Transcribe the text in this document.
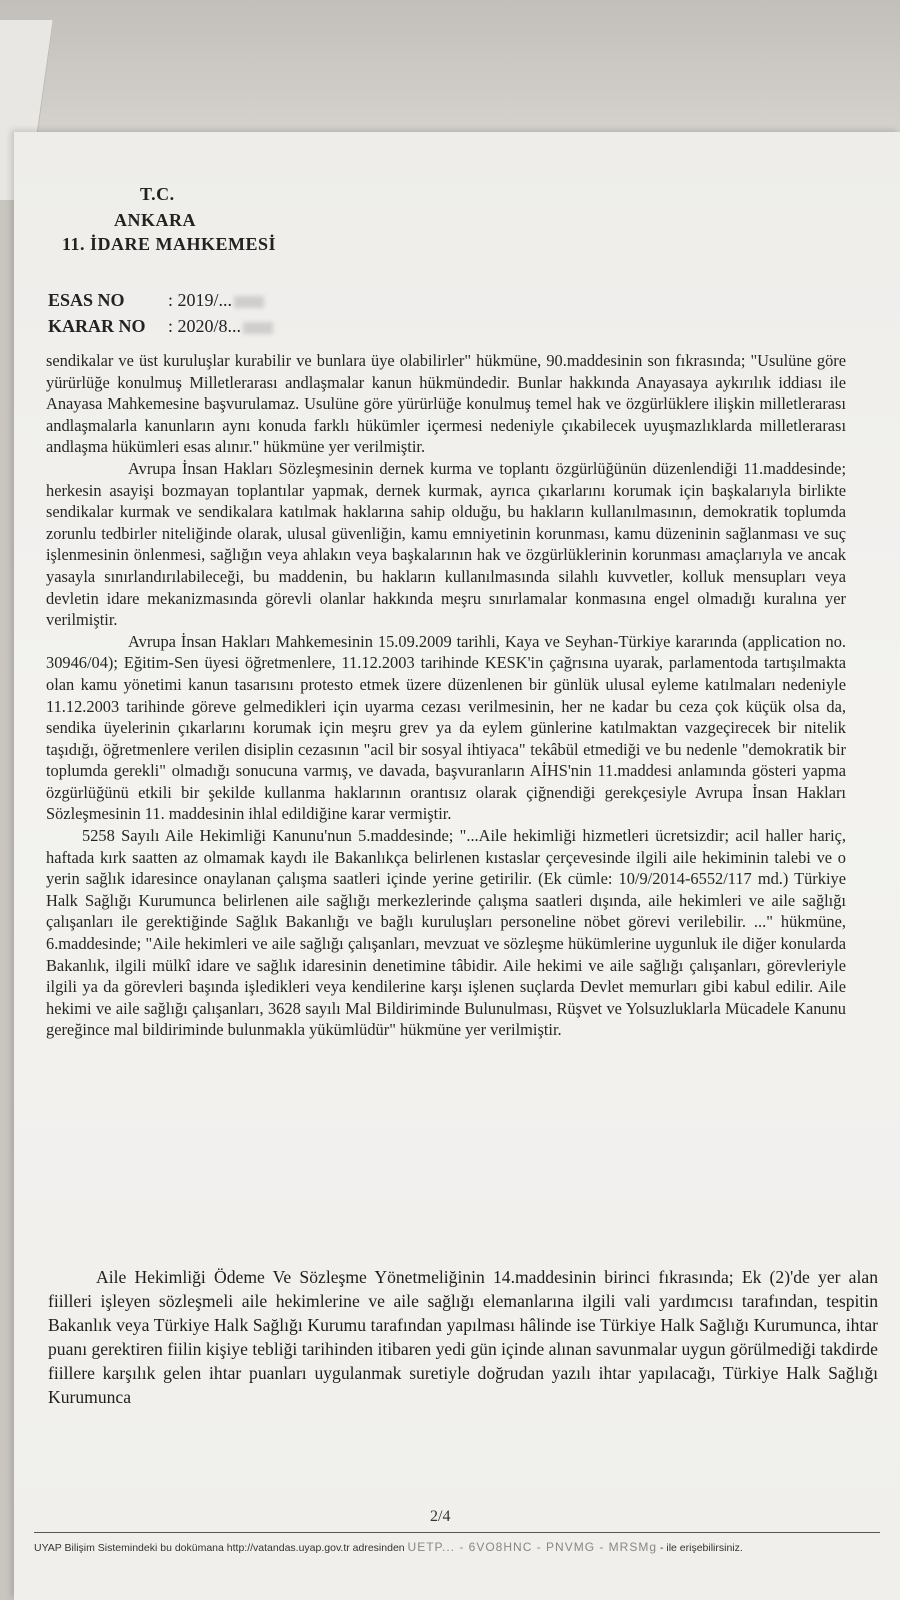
T.C.
ANKARA
11. İDARE MAHKEMESİ
ESAS NO : 2019/...
KARAR NO : 2020/8...

sendikalar ve üst kuruluşlar kurabilir ve bunlara üye olabilirler" hükmüne, 90.maddesinin son fıkrasında; "Usulüne göre yürürlüğe konulmuş Milletlerarası andlaşmalar kanun hükmündedir. Bunlar hakkında Anayasaya aykırılık iddiası ile Anayasa Mahkemesine başvurulamaz. Usulüne göre yürürlüğe konulmuş temel hak ve özgürlüklere ilişkin milletlerarası andlaşmalarla kanunların aynı konuda farklı hükümler içermesi nedeniyle çıkabilecek uyuşmazlıklarda milletlerarası andlaşma hükümleri esas alınır." hükmüne yer verilmiştir.

Avrupa İnsan Hakları Sözleşmesinin dernek kurma ve toplantı özgürlüğünün düzenlendiği 11.maddesinde; herkesin asayişi bozmayan toplantılar yapmak, dernek kurmak, ayrıca çıkarlarını korumak için başkalarıyla birlikte sendikalar kurmak ve sendikalara katılmak haklarına sahip olduğu, bu hakların kullanılmasının, demokratik toplumda zorunlu tedbirler niteliğinde olarak, ulusal güvenliğin, kamu emniyetinin korunması, kamu düzeninin sağlanması ve suç işlenmesinin önlenmesi, sağlığın veya ahlakın veya başkalarının hak ve özgürlüklerinin korunması amaçlarıyla ve ancak yasayla sınırlandırılabileceği, bu maddenin, bu hakların kullanılmasında silahlı kuvvetler, kolluk mensupları veya devletin idare mekanizmasında görevli olanlar hakkında meşru sınırlamalar konmasına engel olmadığı kuralına yer verilmiştir.

Avrupa İnsan Hakları Mahkemesinin 15.09.2009 tarihli, Kaya ve Seyhan-Türkiye kararında (application no. 30946/04); Eğitim-Sen üyesi öğretmenlere, 11.12.2003 tarihinde KESK'in çağrısına uyarak, parlamentoda tartışılmakta olan kamu yönetimi kanun tasarısını protesto etmek üzere düzenlenen bir günlük ulusal eyleme katılmaları nedeniyle 11.12.2003 tarihinde göreve gelmedikleri için uyarma cezası verilmesinin, her ne kadar bu ceza çok küçük olsa da, sendika üyelerinin çıkarlarını korumak için meşru grev ya da eylem günlerine katılmaktan vazgeçirecek bir nitelik taşıdığı, öğretmenlere verilen disiplin cezasının "acil bir sosyal ihtiyaca" tekâbül etmediği ve bu nedenle "demokratik bir toplumda gerekli" olmadığı sonucuna varmış, ve davada, başvuranların AİHS'nin 11.maddesi anlamında gösteri yapma özgürlüğünü etkili bir şekilde kullanma haklarının orantısız olarak çiğnendiği gerekçesiyle Avrupa İnsan Hakları Sözleşmesinin 11. maddesinin ihlal edildiğine karar vermiştir.

5258 Sayılı Aile Hekimliği Kanunu'nun 5.maddesinde; "...Aile hekimliği hizmetleri ücretsizdir; acil haller hariç, haftada kırk saatten az olmamak kaydı ile Bakanlıkça belirlenen kıstaslar çerçevesinde ilgili aile hekiminin talebi ve o yerin sağlık idaresince onaylanan çalışma saatleri içinde yerine getirilir. (Ek cümle: 10/9/2014-6552/117 md.) Türkiye Halk Sağlığı Kurumunca belirlenen aile sağlığı merkezlerinde çalışma saatleri dışında, aile hekimleri ve aile sağlığı çalışanları ile gerektiğinde Sağlık Bakanlığı ve bağlı kuruluşları personeline nöbet görevi verilebilir. ..." hükmüne, 6.maddesinde; "Aile hekimleri ve aile sağlığı çalışanları, mevzuat ve sözleşme hükümlerine uygunluk ile diğer konularda Bakanlık, ilgili mülkî idare ve sağlık idaresinin denetimine tâbidir. Aile hekimi ve aile sağlığı çalışanları, görevleriyle ilgili ya da görevleri başında işledikleri veya kendilerine karşı işlenen suçlarda Devlet memurları gibi kabul edilir. Aile hekimi ve aile sağlığı çalışanları, 3628 sayılı Mal Bildiriminde Bulunulması, Rüşvet ve Yolsuzluklarla Mücadele Kanunu gereğince mal bildiriminde bulunmakla yükümlüdür" hükmüne yer verilmiştir.

Aile Hekimliği Ödeme Ve Sözleşme Yönetmeliğinin 14.maddesinin birinci fıkrasında; Ek (2)'de yer alan fiilleri işleyen sözleşmeli aile hekimlerine ve aile sağlığı elemanlarına ilgili vali yardımcısı tarafından, tespitin Bakanlık veya Türkiye Halk Sağlığı Kurumu tarafından yapılması hâlinde ise Türkiye Halk Sağlığı Kurumunca, ihtar puanı gerektiren fiilin kişiye tebliği tarihinden itibaren yedi gün içinde alınan savunmalar uygun görülmediği takdirde fiillere karşılık gelen ihtar puanları uygulanmak suretiyle doğrudan yazılı ihtar yapılacağı, Türkiye Halk Sağlığı Kurumunca

2/4
UYAP Bilişim Sistemindeki bu dokümana http://vatandas.uyap.gov.tr adresinden UETP... - 6VO8HNC - PNVMG - MRSMg - ile erişebilirsiniz.
